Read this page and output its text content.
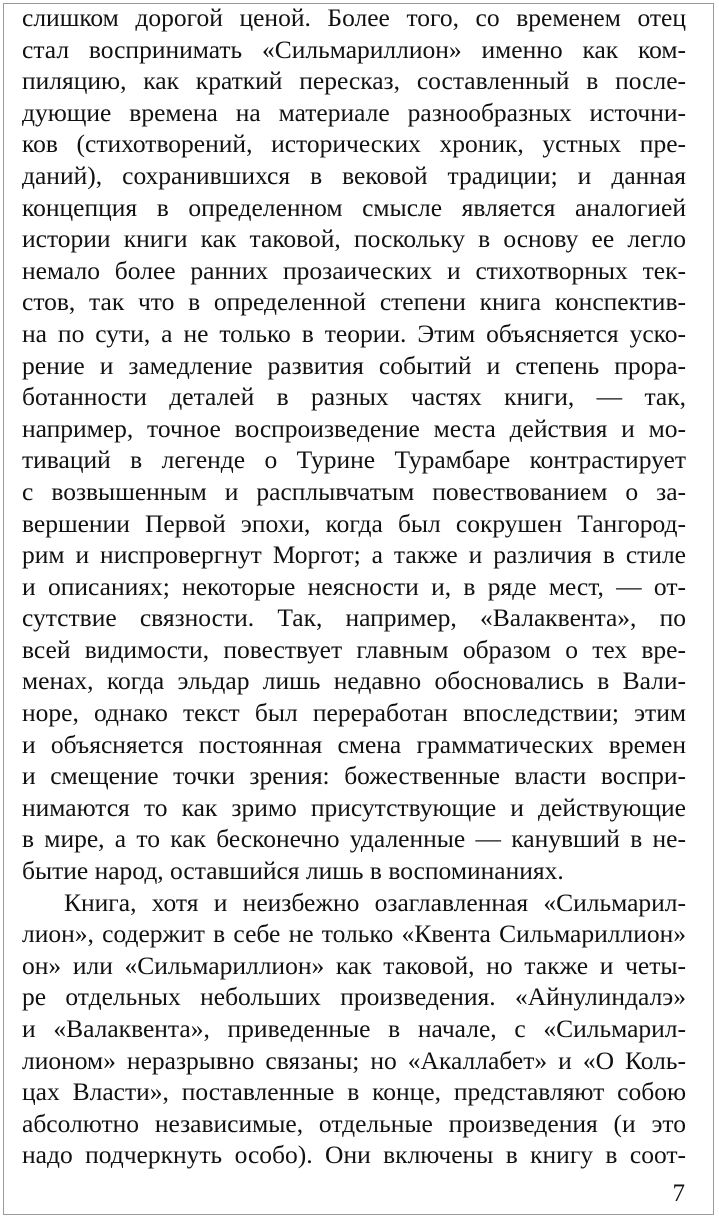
слишком дорогой ценой. Более того, со временем отец
стал воспринимать «Сильмариллион» именно как ком-
пиляцию, как краткий пересказ, составленный в после-
дующие времена на материале разнообразных источни-
ков (стихотворений, исторических хроник, устных пре-
даний), сохранившихся в вековой традиции; и данная
концепция в определенном смысле является аналогией
истории книги как таковой, поскольку в основу ее легло
немало более ранних прозаических и стихотворных тек-
стов, так что в определенной степени книга конспектив-
на по сути, а не только в теории. Этим объясняется уско-
рение и замедление развития событий и степень прора-
ботанности деталей в разных частях книги, — так,
например, точное воспроизведение места действия и мо-
тиваций в легенде о Турине Турамбаре контрастирует
с возвышенным и расплывчатым повествованием о за-
вершении Первой эпохи, когда был сокрушен Тангород-
рим и ниспровергнут Моргот; а также и различия в стиле
и описаниях; некоторые неясности и, в ряде мест, — от-
сутствие связности. Так, например, «Валаквента», по
всей видимости, повествует главным образом о тех вре-
менах, когда эльдар лишь недавно обосновались в Вали-
норе, однако текст был переработан впоследствии; этим
и объясняется постоянная смена грамматических времен
и смещение точки зрения: божественные власти воспри-
нимаются то как зримо присутствующие и действующие
в мире, а то как бесконечно удаленные — канувший в не-
бытие народ, оставшийся лишь в воспоминаниях.
Книга, хотя и неизбежно озаглавленная «Сильмарил-
лион», содержит в себе не только «Квента Сильмариллион»
он» или «Сильмариллион» как таковой, но также и четы-
ре отдельных небольших произведения. «Айнулиндалэ»
и «Валаквента», приведенные в начале, с «Сильмарил-
лионом» неразрывно связаны; но «Акаллабет» и «О Коль-
цах Власти», поставленные в конце, представляют собою
абсолютно независимые, отдельные произведения (и это
надо подчеркнуть особо). Они включены в книгу в соот-
7
